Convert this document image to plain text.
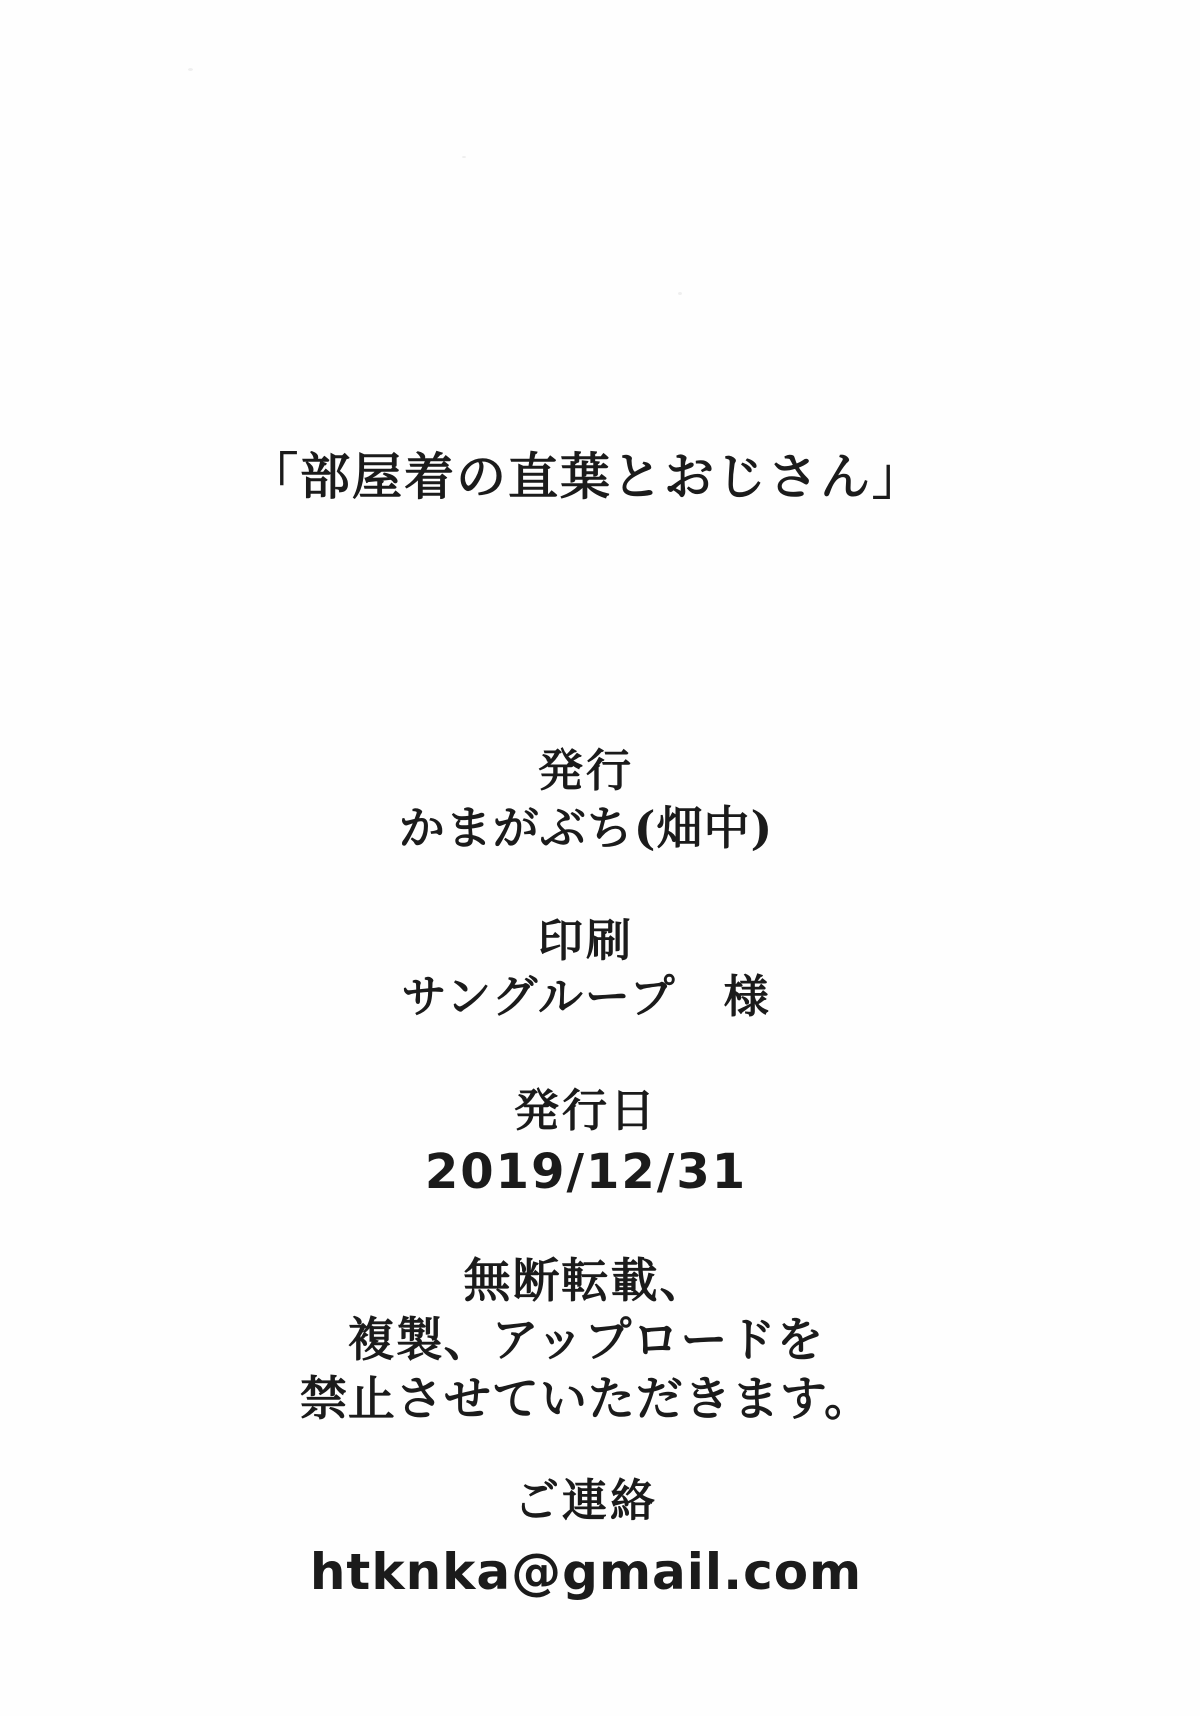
「部屋着の直葉とおじさん」
発行
かまがぶち(畑中)
印刷
サングループ　様
発行日
2019/12/31
無断転載、
複製、アップロードを
禁止させていただきます。
ご連絡
htknka@gmail.com
